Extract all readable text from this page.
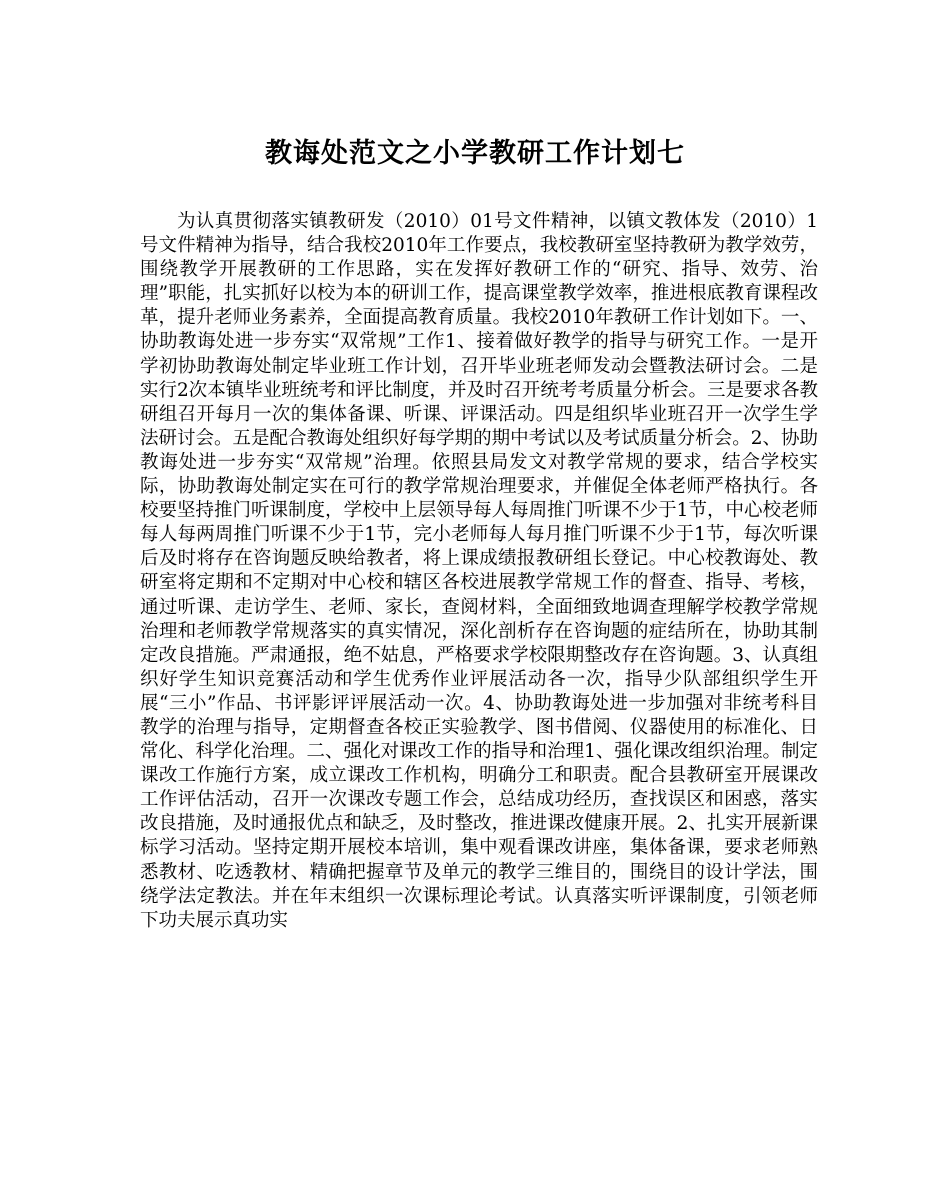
教诲处范文之小学教研工作计划七

为认真贯彻落实镇教研发（2010）01号文件精神，以镇文教体发（2010）1号文件精神为指导，结合我校2010年工作要点，我校教研室坚持教研为教学效劳，围绕教学开展教研的工作思路，实在发挥好教研工作的“研究、指导、效劳、治理”职能，扎实抓好以校为本的研训工作，提高课堂教学效率，推进根底教育课程改革，提升老师业务素养，全面提高教育质量。我校2010年教研工作计划如下。一、协助教诲处进一步夯实“双常规”工作1、接着做好教学的指导与研究工作。一是开学初协助教诲处制定毕业班工作计划，召开毕业班老师发动会暨教法研讨会。二是实行2次本镇毕业班统考和评比制度，并及时召开统考考质量分析会。三是要求各教研组召开每月一次的集体备课、听课、评课活动。四是组织毕业班召开一次学生学法研讨会。五是配合教诲处组织好每学期的期中考试以及考试质量分析会。2、协助教诲处进一步夯实“双常规”治理。依照县局发文对教学常规的要求，结合学校实际，协助教诲处制定实在可行的教学常规治理要求，并催促全体老师严格执行。各校要坚持推门听课制度，学校中上层领导每人每周推门听课不少于1节，中心校老师每人每两周推门听课不少于1节，完小老师每人每月推门听课不少于1节，每次听课后及时将存在咨询题反映给教者，将上课成绩报教研组长登记。中心校教诲处、教研室将定期和不定期对中心校和辖区各校进展教学常规工作的督查、指导、考核，通过听课、走访学生、老师、家长，查阅材料，全面细致地调查理解学校教学常规治理和老师教学常规落实的真实情况，深化剖析存在咨询题的症结所在，协助其制定改良措施。严肃通报，绝不姑息，严格要求学校限期整改存在咨询题。3、认真组织好学生知识竞赛活动和学生优秀作业评展活动各一次，指导少队部组织学生开展“三小”作品、书评影评评展活动一次。4、协助教诲处进一步加强对非统考科目教学的治理与指导，定期督查各校正实验教学、图书借阅、仪器使用的标准化、日常化、科学化治理。二、强化对课改工作的指导和治理1、强化课改组织治理。制定课改工作施行方案，成立课改工作机构，明确分工和职责。配合县教研室开展课改工作评估活动，召开一次课改专题工作会，总结成功经历，查找误区和困惑，落实改良措施，及时通报优点和缺乏，及时整改，推进课改健康开展。2、扎实开展新课标学习活动。坚持定期开展校本培训，集中观看课改讲座，集体备课，要求老师熟悉教材、吃透教材、精确把握章节及单元的教学三维目的，围绕目的设计学法，围绕学法定教法。并在年末组织一次课标理论考试。认真落实听评课制度，引领老师下功夫展示真功实
